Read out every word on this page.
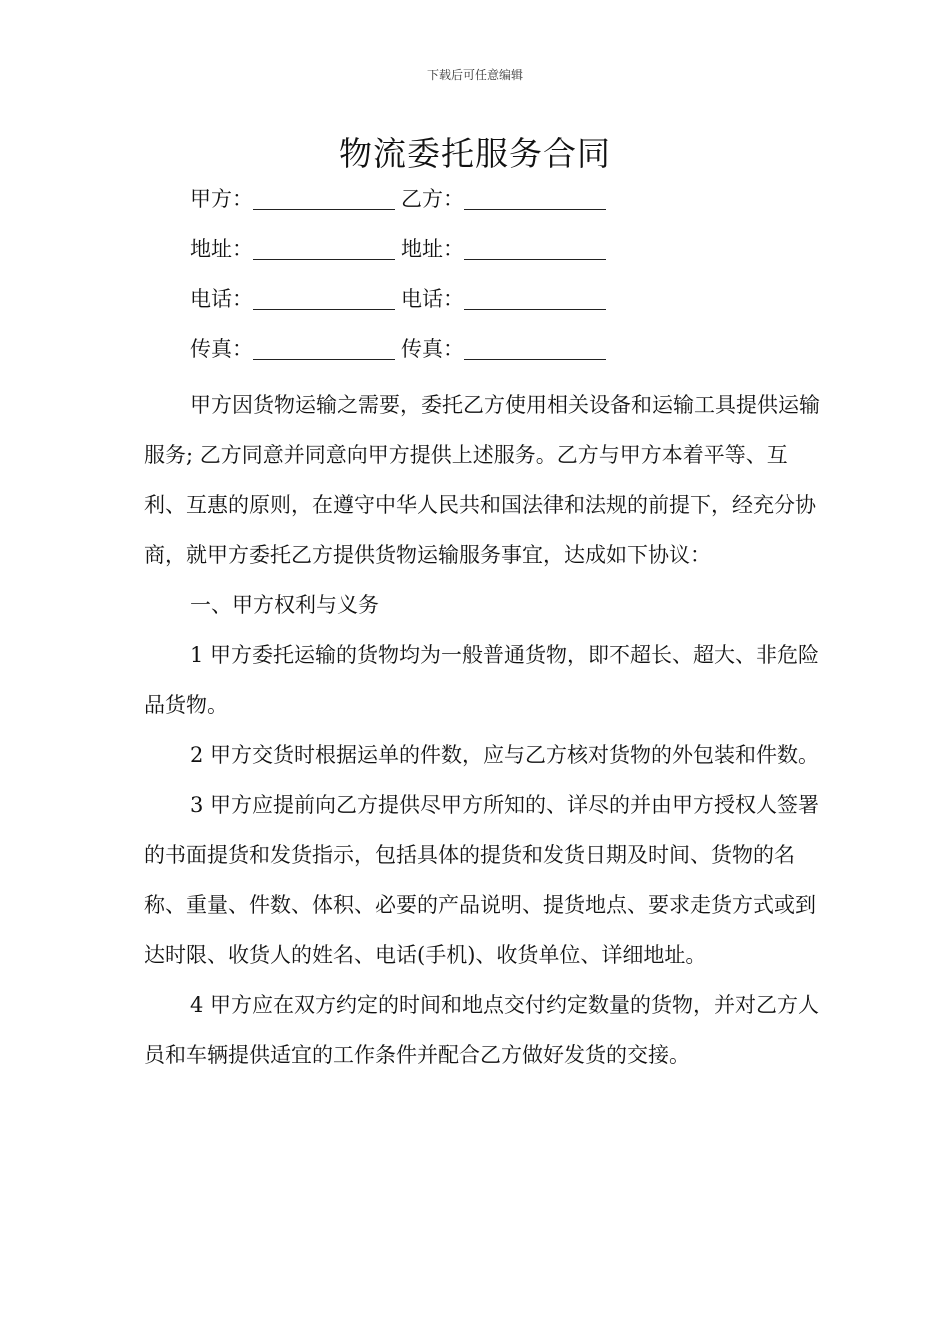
下载后可任意编辑
物流委托服务合同
甲方：	乙方：
地址：	地址：
电话：	电话：
传真：	传真：

甲方因货物运输之需要，委托乙方使用相关设备和运输工具提供运输服务; 乙方同意并同意向甲方提供上述服务。乙方与甲方本着平等、互利、互惠的原则，在遵守中华人民共和国法律和法规的前提下，经充分协商，就甲方委托乙方提供货物运输服务事宜，达成如下协议：

一、甲方权利与义务

1 甲方委托运输的货物均为一般普通货物，即不超长、超大、非危险品货物。

2 甲方交货时根据运单的件数，应与乙方核对货物的外包装和件数。

3 甲方应提前向乙方提供尽甲方所知的、详尽的并由甲方授权人签署的书面提货和发货指示，包括具体的提货和发货日期及时间、货物的名称、重量、件数、体积、必要的产品说明、提货地点、要求走货方式或到达时限、收货人的姓名、电话(手机)、收货单位、详细地址。

4 甲方应在双方约定的时间和地点交付约定数量的货物，并对乙方人员和车辆提供适宜的工作条件并配合乙方做好发货的交接。
